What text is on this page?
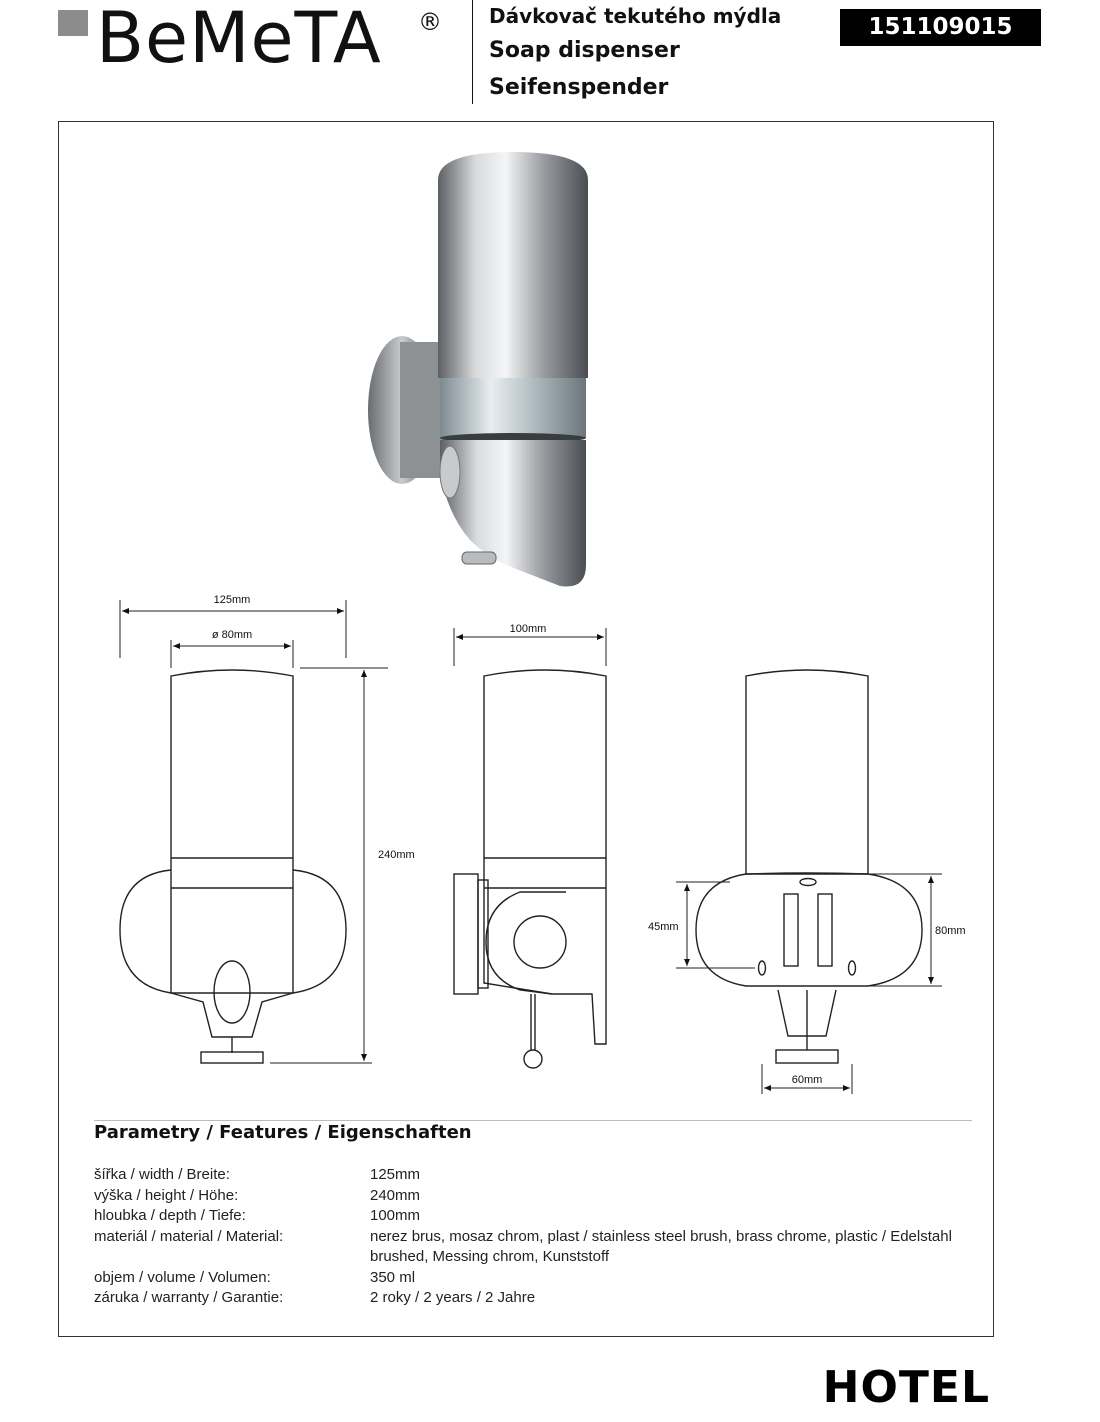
BeMeTA ® Dávkovač tekutého mýdla
Soap dispenser
Seifenspender
151109015
125mm
ø 80mm	100mm
240mm
45mm	80mm
60mm
Parametry / Features / Eigenschaften
šířka / width / Breite:	125mm
výška / height / Höhe:	240mm
hloubka / depth / Tiefe:	100mm
materiál / material / Material:	nerez brus, mosaz chrom, plast / stainless steel brush, brass chrome, plastic / Edelstahl brushed, Messing chrom, Kunststoff
objem / volume / Volumen:	350 ml
záruka / warranty / Garantie:	2 roky / 2 years / 2 Jahre
HOTEL
